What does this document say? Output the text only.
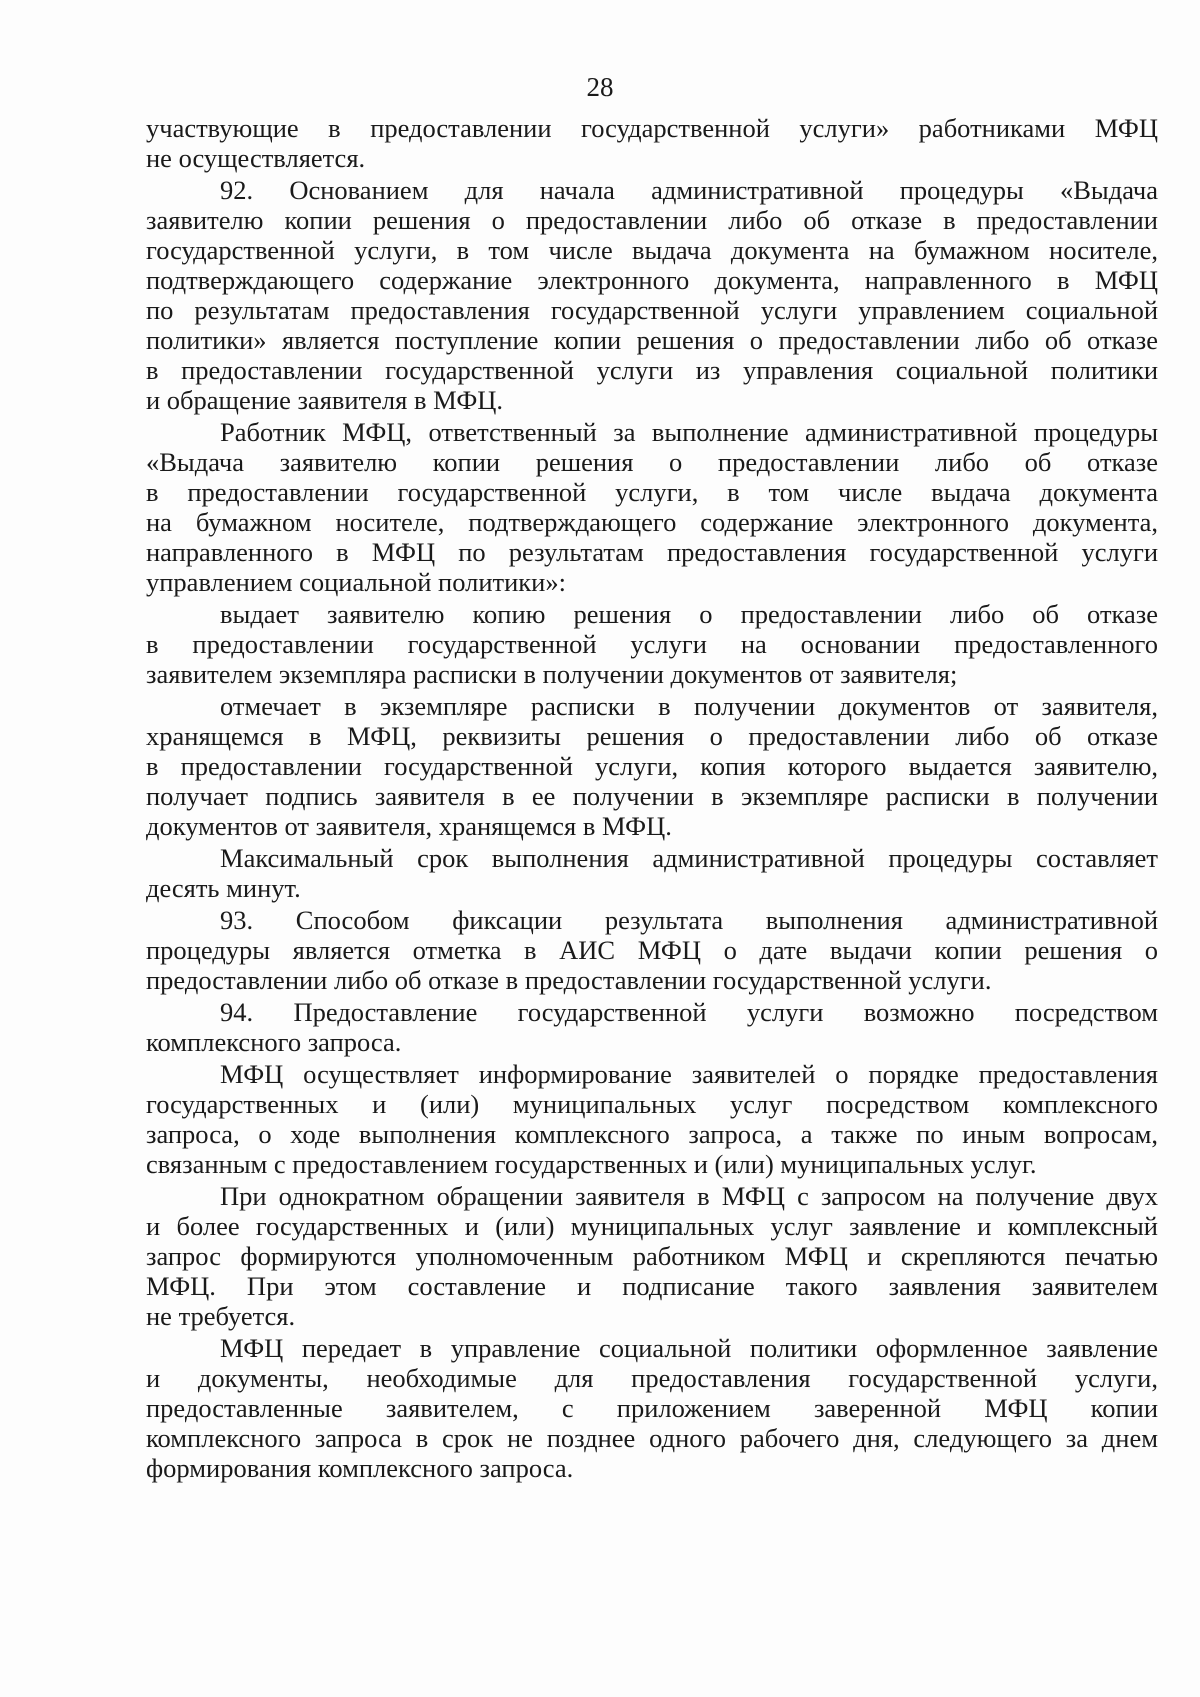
28
участвующие в предоставлении государственной услуги» работниками МФЦ
не осуществляется.
92. Основанием для начала административной процедуры «Выдача
заявителю копии решения о предоставлении либо об отказе в предоставлении
государственной услуги, в том числе выдача документа на бумажном носителе,
подтверждающего содержание электронного документа, направленного в МФЦ
по результатам предоставления государственной услуги управлением социальной
политики» является поступление копии решения о предоставлении либо об отказе
в предоставлении государственной услуги из управления социальной политики
и обращение заявителя в МФЦ.
Работник МФЦ, ответственный за выполнение административной процедуры
«Выдача заявителю копии решения о предоставлении либо об отказе
в предоставлении государственной услуги, в том числе выдача документа
на бумажном носителе, подтверждающего содержание электронного документа,
направленного в МФЦ по результатам предоставления государственной услуги
управлением социальной политики»:
выдает заявителю копию решения о предоставлении либо об отказе
в предоставлении государственной услуги на основании предоставленного
заявителем экземпляра расписки в получении документов от заявителя;
отмечает в экземпляре расписки в получении документов от заявителя,
хранящемся в МФЦ, реквизиты решения о предоставлении либо об отказе
в предоставлении государственной услуги, копия которого выдается заявителю,
получает подпись заявителя в ее получении в экземпляре расписки в получении
документов от заявителя, хранящемся в МФЦ.
Максимальный срок выполнения административной процедуры составляет
десять минут.
93. Способом фиксации результата выполнения административной
процедуры является отметка в АИС МФЦ о дате выдачи копии решения о
предоставлении либо об отказе в предоставлении государственной услуги.
94. Предоставление государственной услуги возможно посредством
комплексного запроса.
МФЦ осуществляет информирование заявителей о порядке предоставления
государственных и (или) муниципальных услуг посредством комплексного
запроса, о ходе выполнения комплексного запроса, а также по иным вопросам,
связанным с предоставлением государственных и (или) муниципальных услуг.
При однократном обращении заявителя в МФЦ с запросом на получение двух
и более государственных и (или) муниципальных услуг заявление и комплексный
запрос формируются уполномоченным работником МФЦ и скрепляются печатью
МФЦ. При этом составление и подписание такого заявления заявителем
не требуется.
МФЦ передает в управление социальной политики оформленное заявление
и документы, необходимые для предоставления государственной услуги,
предоставленные заявителем, с приложением заверенной МФЦ копии
комплексного запроса в срок не позднее одного рабочего дня, следующего за днем
формирования комплексного запроса.
